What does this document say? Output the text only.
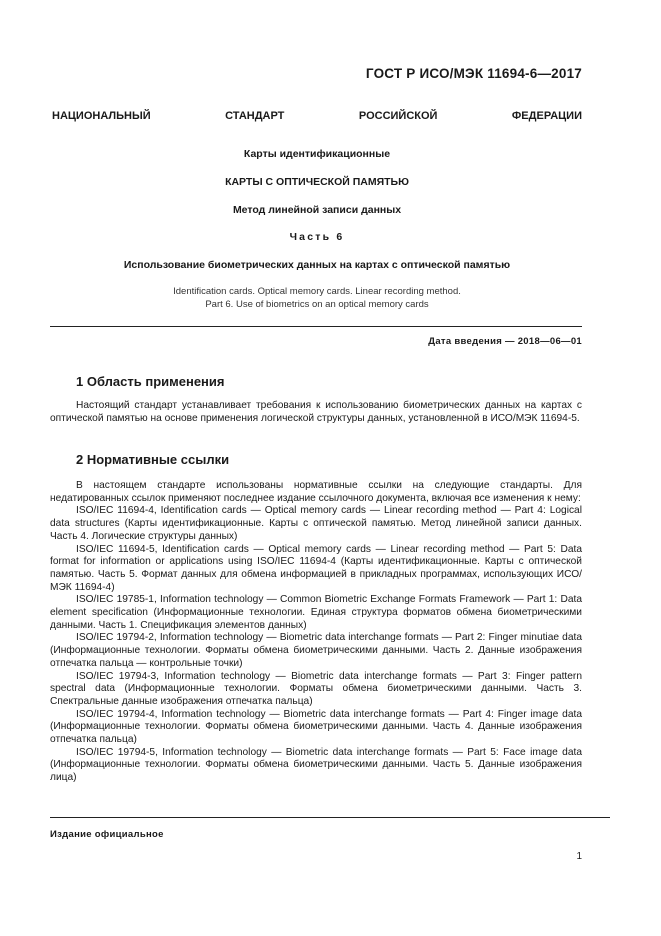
ГОСТ Р ИСО/МЭК 11694-6—2017
НАЦИОНАЛЬНЫЙ	СТАНДАРТ	РОССИЙСКОЙ	ФЕДЕРАЦИИ
Карты идентификационные
КАРТЫ С ОПТИЧЕСКОЙ ПАМЯТЬЮ
Метод линейной записи данных
Часть 6
Использование биометрических данных на картах с оптической памятью
Identification cards. Optical memory cards. Linear recording method.
Part 6. Use of biometrics on an optical memory cards
Дата введения — 2018—06—01
1 Область применения

Настоящий стандарт устанавливает требования к использованию биометрических данных на картах с оптической памятью на основе применения логической структуры данных, установленной в ИСО/МЭК 11694-5.

2 Нормативные ссылки

В настоящем стандарте использованы нормативные ссылки на следующие стандарты. Для недатированных ссылок применяют последнее издание ссылочного документа, включая все изменения к нему:

ISO/IEC 11694-4, Identification cards — Optical memory cards — Linear recording method — Part 4: Logical data structures (Карты идентификационные. Карты с оптической памятью. Метод линейной записи данных. Часть 4. Логические структуры данных)

ISO/IEC 11694-5, Identification cards — Optical memory cards — Linear recording method — Part 5: Data format for information or applications using ISO/IEC 11694-4 (Карты идентификационные. Карты с оптической памятью. Часть 5. Формат данных для обмена информацией в прикладных программах, использующих ИСО/МЭК 11694-4)

ISO/IEC 19785-1, Information technology — Common Biometric Exchange Formats Framework — Part 1: Data element specification (Информационные технологии. Единая структура форматов обмена биометрическими данными. Часть 1. Спецификация элементов данных)

ISO/IEC 19794-2, Information technology — Biometric data interchange formats — Part 2: Finger minutiae data (Информационные технологии. Форматы обмена биометрическими данными. Часть 2. Данные изображения отпечатка пальца — контрольные точки)

ISO/IEC 19794-3, Information technology — Biometric data interchange formats — Part 3: Finger pattern spectral data (Информационные технологии. Форматы обмена биометрическими данными. Часть 3. Спектральные данные изображения отпечатка пальца)

ISO/IEC 19794-4, Information technology — Biometric data interchange formats — Part 4: Finger image data (Информационные технологии. Форматы обмена биометрическими данными. Часть 4. Данные изображения отпечатка пальца)

ISO/IEC 19794-5, Information technology — Biometric data interchange formats — Part 5: Face image data (Информационные технологии. Форматы обмена биометрическими данными. Часть 5. Данные изображения лица)

Издание официальное
1
